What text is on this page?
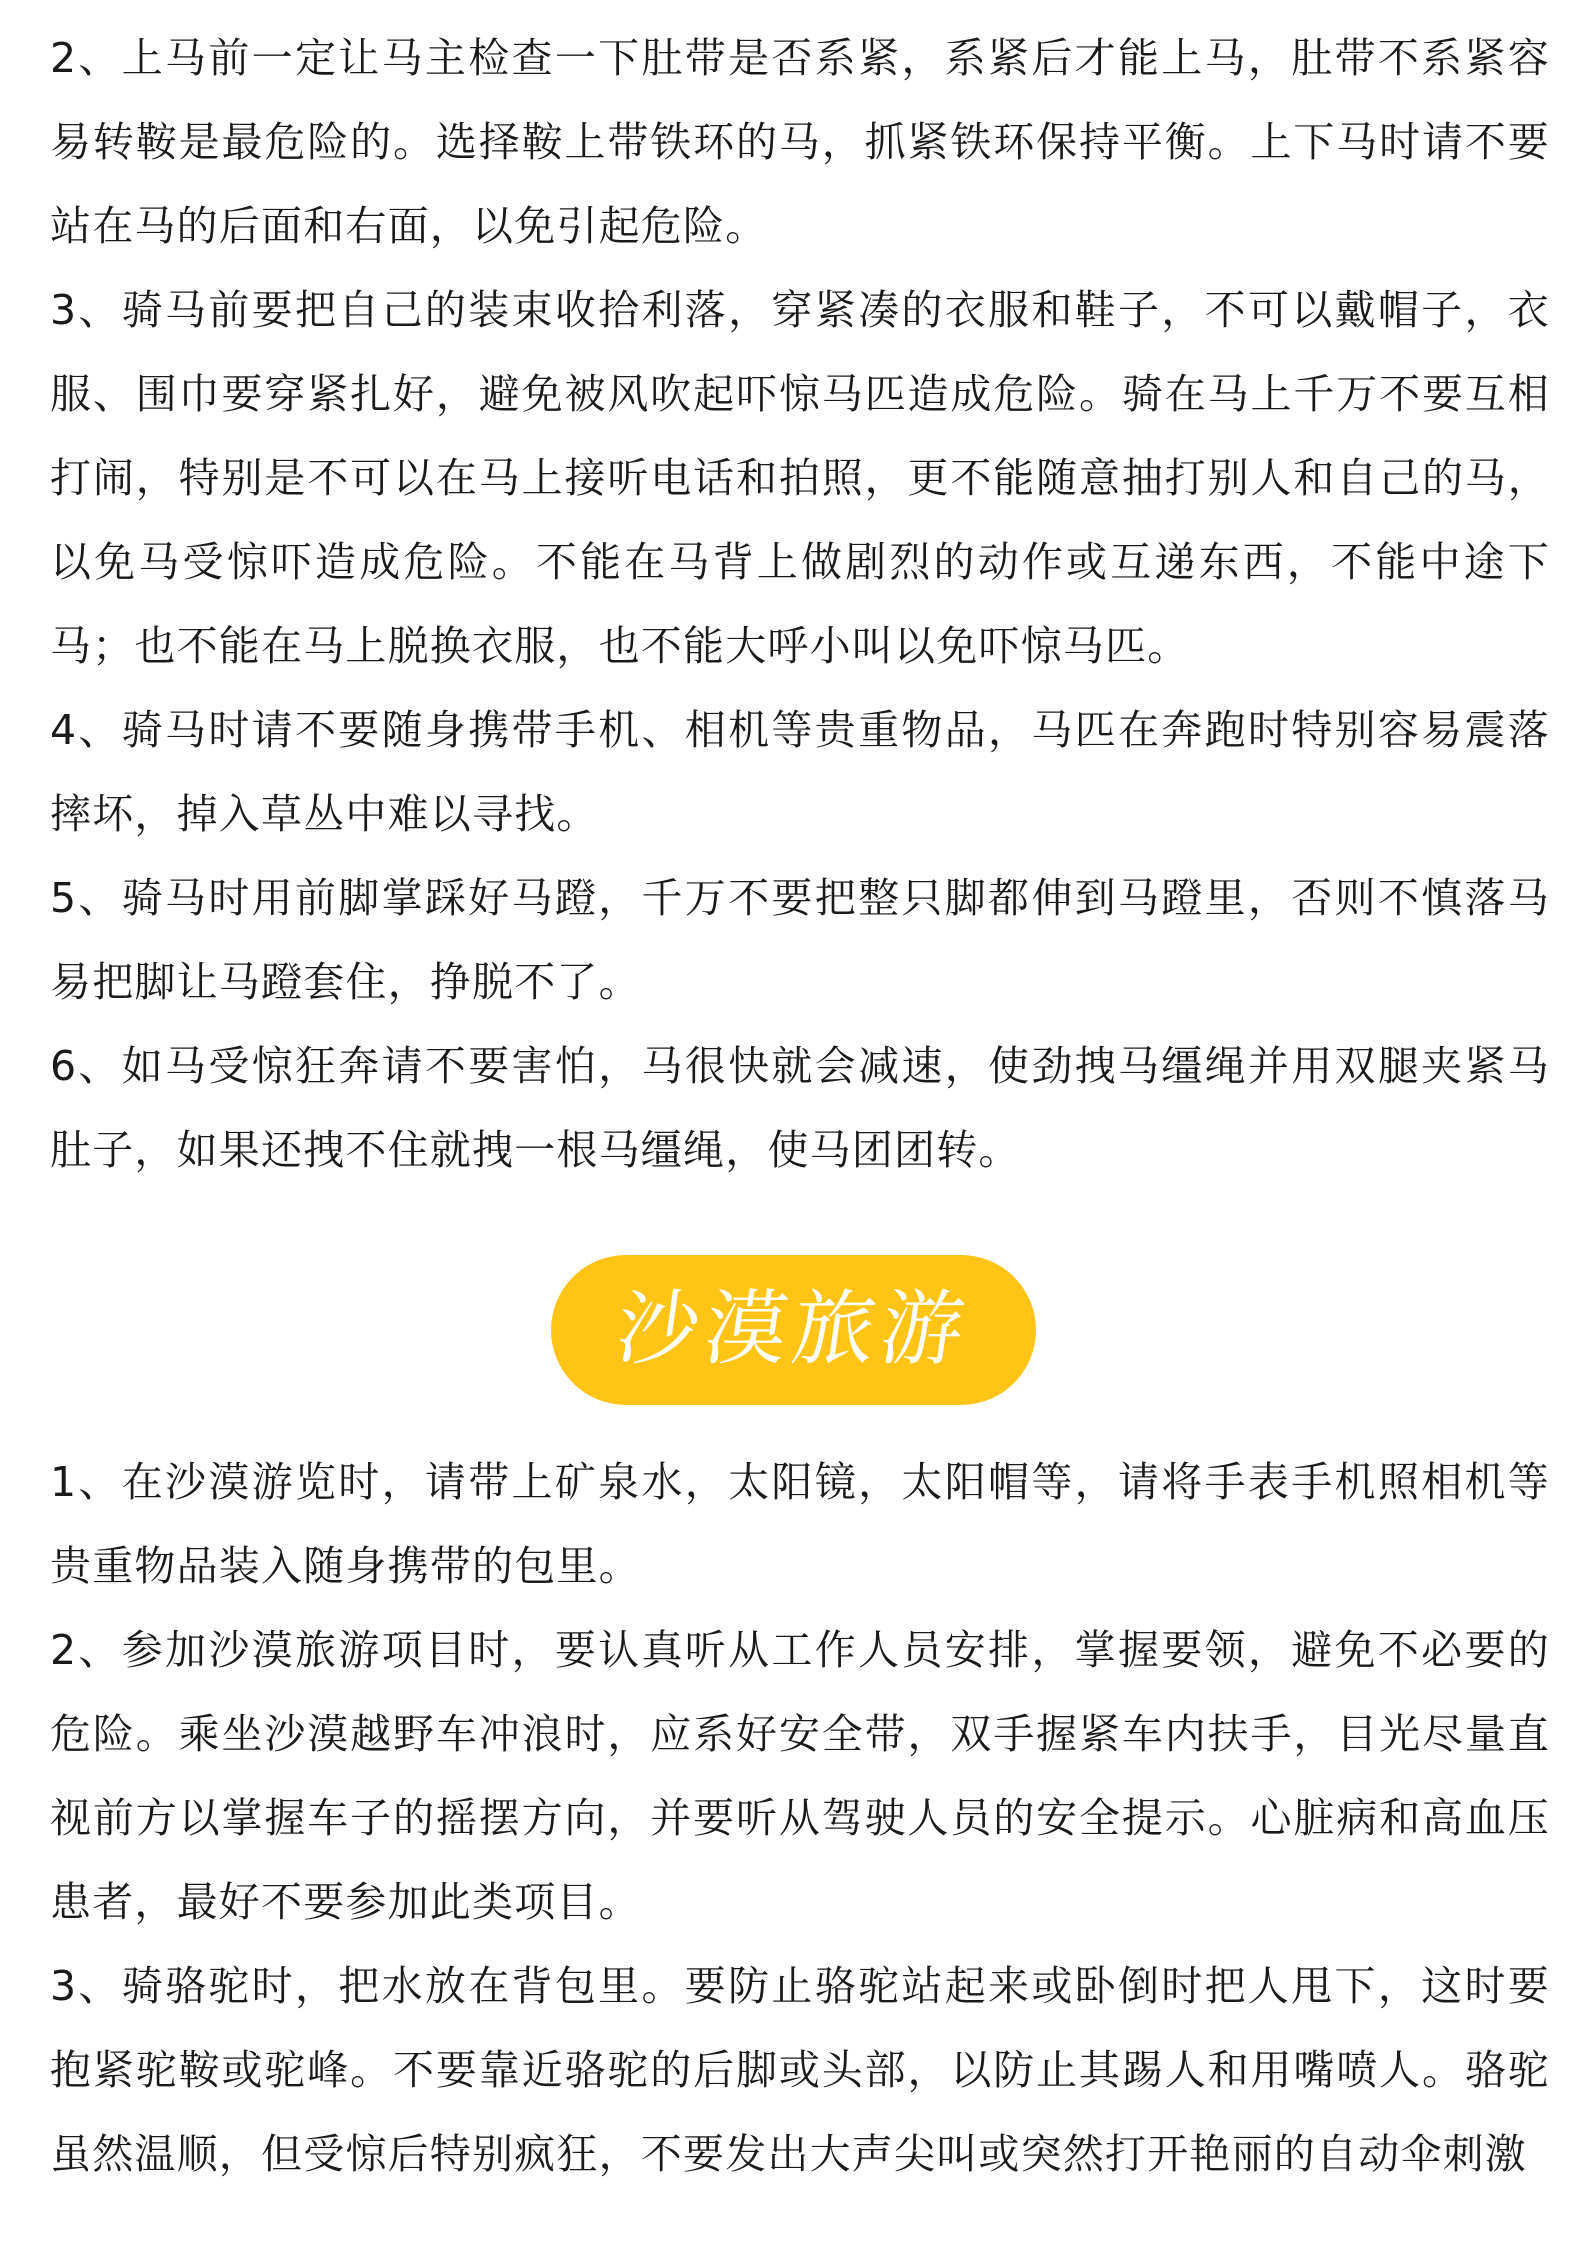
2、上马前一定让马主检查一下肚带是否系紧，系紧后才能上马，肚带不系紧容易转鞍是最危险的。选择鞍上带铁环的马，抓紧铁环保持平衡。上下马时请不要站在马的后面和右面，以免引起危险。

3、骑马前要把自己的装束收拾利落，穿紧凑的衣服和鞋子，不可以戴帽子，衣服、围巾要穿紧扎好，避免被风吹起吓惊马匹造成危险。骑在马上千万不要互相打闹，特别是不可以在马上接听电话和拍照，更不能随意抽打别人和自己的马，以免马受惊吓造成危险。不能在马背上做剧烈的动作或互递东西，不能中途下马；也不能在马上脱换衣服，也不能大呼小叫以免吓惊马匹。

4、骑马时请不要随身携带手机、相机等贵重物品，马匹在奔跑时特别容易震落摔坏，掉入草丛中难以寻找。

5、骑马时用前脚掌踩好马蹬，千万不要把整只脚都伸到马蹬里，否则不慎落马易把脚让马蹬套住，挣脱不了。

6、如马受惊狂奔请不要害怕，马很快就会减速，使劲拽马缰绳并用双腿夹紧马肚子，如果还拽不住就拽一根马缰绳，使马团团转。

沙漠旅游

1、在沙漠游览时，请带上矿泉水，太阳镜，太阳帽等，请将手表手机照相机等贵重物品装入随身携带的包里。

2、参加沙漠旅游项目时，要认真听从工作人员安排，掌握要领，避免不必要的危险。乘坐沙漠越野车冲浪时，应系好安全带，双手握紧车内扶手，目光尽量直视前方以掌握车子的摇摆方向，并要听从驾驶人员的安全提示。心脏病和高血压患者，最好不要参加此类项目。

3、骑骆驼时，把水放在背包里。要防止骆驼站起来或卧倒时把人甩下，这时要抱紧驼鞍或驼峰。不要靠近骆驼的后脚或头部，以防止其踢人和用嘴喷人。骆驼虽然温顺，但受惊后特别疯狂，不要发出大声尖叫或突然打开艳丽的自动伞刺激
